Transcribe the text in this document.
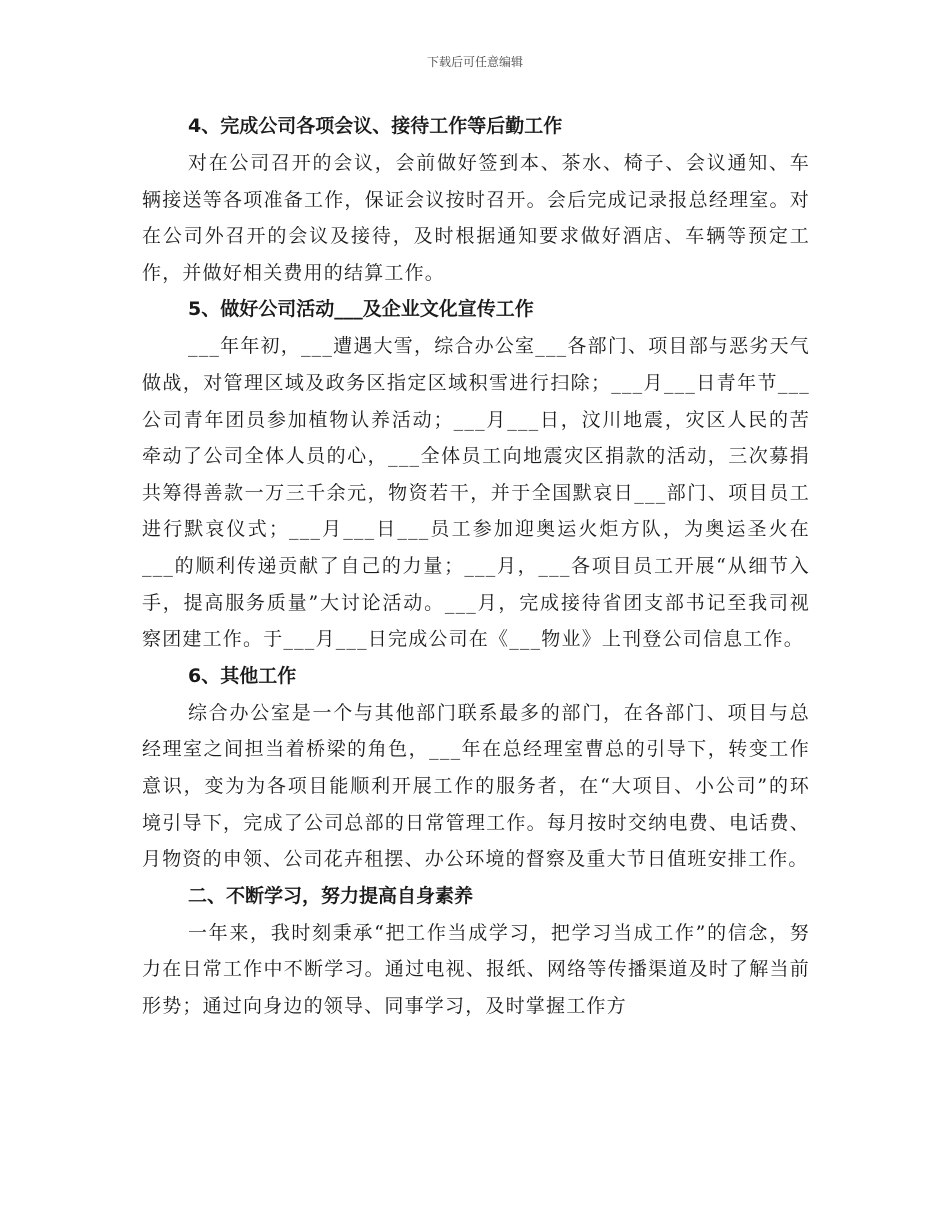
下载后可任意编辑
4、完成公司各项会议、接待工作等后勤工作

对在公司召开的会议，会前做好签到本、茶水、椅子、会议通知、车辆接送等各项准备工作，保证会议按时召开。会后完成记录报总经理室。对在公司外召开的会议及接待，及时根据通知要求做好酒店、车辆等预定工作，并做好相关费用的结算工作。

5、做好公司活动___及企业文化宣传工作

___年年初，___遭遇大雪，综合办公室___各部门、项目部与恶劣天气做战，对管理区域及政务区指定区域积雪进行扫除；___月___日青年节___公司青年团员参加植物认养活动；___月___日，汶川地震，灾区人民的苦牵动了公司全体人员的心，___全体员工向地震灾区捐款的活动，三次募捐共筹得善款一万三千余元，物资若干，并于全国默哀日___部门、项目员工进行默哀仪式；___月___日___员工参加迎奥运火炬方队，为奥运圣火在___的顺利传递贡献了自己的力量；___月，___各项目员工开展“从细节入手，提高服务质量”大讨论活动。___月，完成接待省团支部书记至我司视察团建工作。于___月___日完成公司在《___物业》上刊登公司信息工作。

6、其他工作

综合办公室是一个与其他部门联系最多的部门，在各部门、项目与总经理室之间担当着桥梁的角色，___年在总经理室曹总的引导下，转变工作意识，变为为各项目能顺利开展工作的服务者，在“大项目、小公司”的环境引导下，完成了公司总部的日常管理工作。每月按时交纳电费、电话费、月物资的申领、公司花卉租摆、办公环境的督察及重大节日值班安排工作。

二、不断学习，努力提高自身素养

一年来，我时刻秉承“把工作当成学习，把学习当成工作”的信念，努力在日常工作中不断学习。通过电视、报纸、网络等传播渠道及时了解当前形势；通过向身边的领导、同事学习，及时掌握工作方
